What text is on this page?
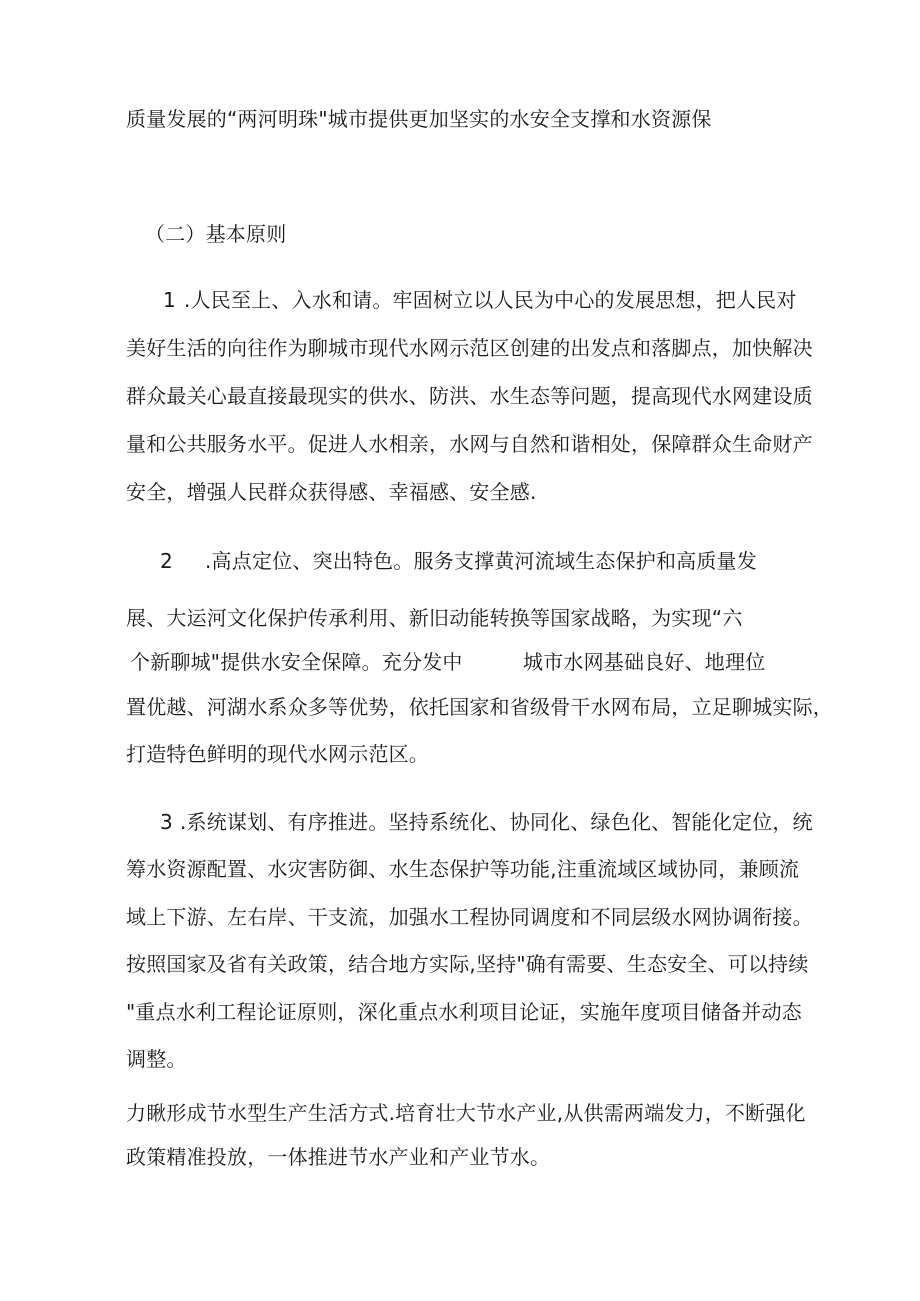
质量发展的“两河明珠"城市提供更加坚实的水安全支撑和水资源保
（二）基本原则
1 .人民至上、入水和请。牢固树立以人民为中心的发展思想，把人民对
美好生活的向往作为聊城市现代水网示范区创建的出发点和落脚点，加快解决
群众最关心最直接最现实的供水、防洪、水生态等问题，提高现代水网建设质
量和公共服务水平。促进人水相亲，水网与自然和谐相处，保障群众生命财产
安全，增强人民群众获得感、幸福感、安全感.
2 .高点定位、突出特色。服务支撑黄河流域生态保护和高质量发
展、大运河文化保护传承利用、新旧动能转换等国家战略，为实现“六
个新聊城"提供水安全保障。充分发中	城市水网基础良好、地理位
置优越、河湖水系众多等优势，依托国家和省级骨干水网布局，立足聊城实际，
打造特色鲜明的现代水网示范区。
3 .系统谋划、有序推进。坚持系统化、协同化、绿色化、智能化定位，统
筹水资源配置、水灾害防御、水生态保护等功能,注重流域区域协同，兼顾流
域上下游、左右岸、干支流，加强水工程协同调度和不同层级水网协调衔接。
按照国家及省有关政策，结合地方实际,坚持"确有需要、生态安全、可以持续
"重点水利工程论证原则，深化重点水利项目论证，实施年度项目储备并动态
调整。
力瞅形成节水型生产生活方式.培育壮大节水产业,从供需两端发力，不断强化
政策精准投放，一体推进节水产业和产业节水。
